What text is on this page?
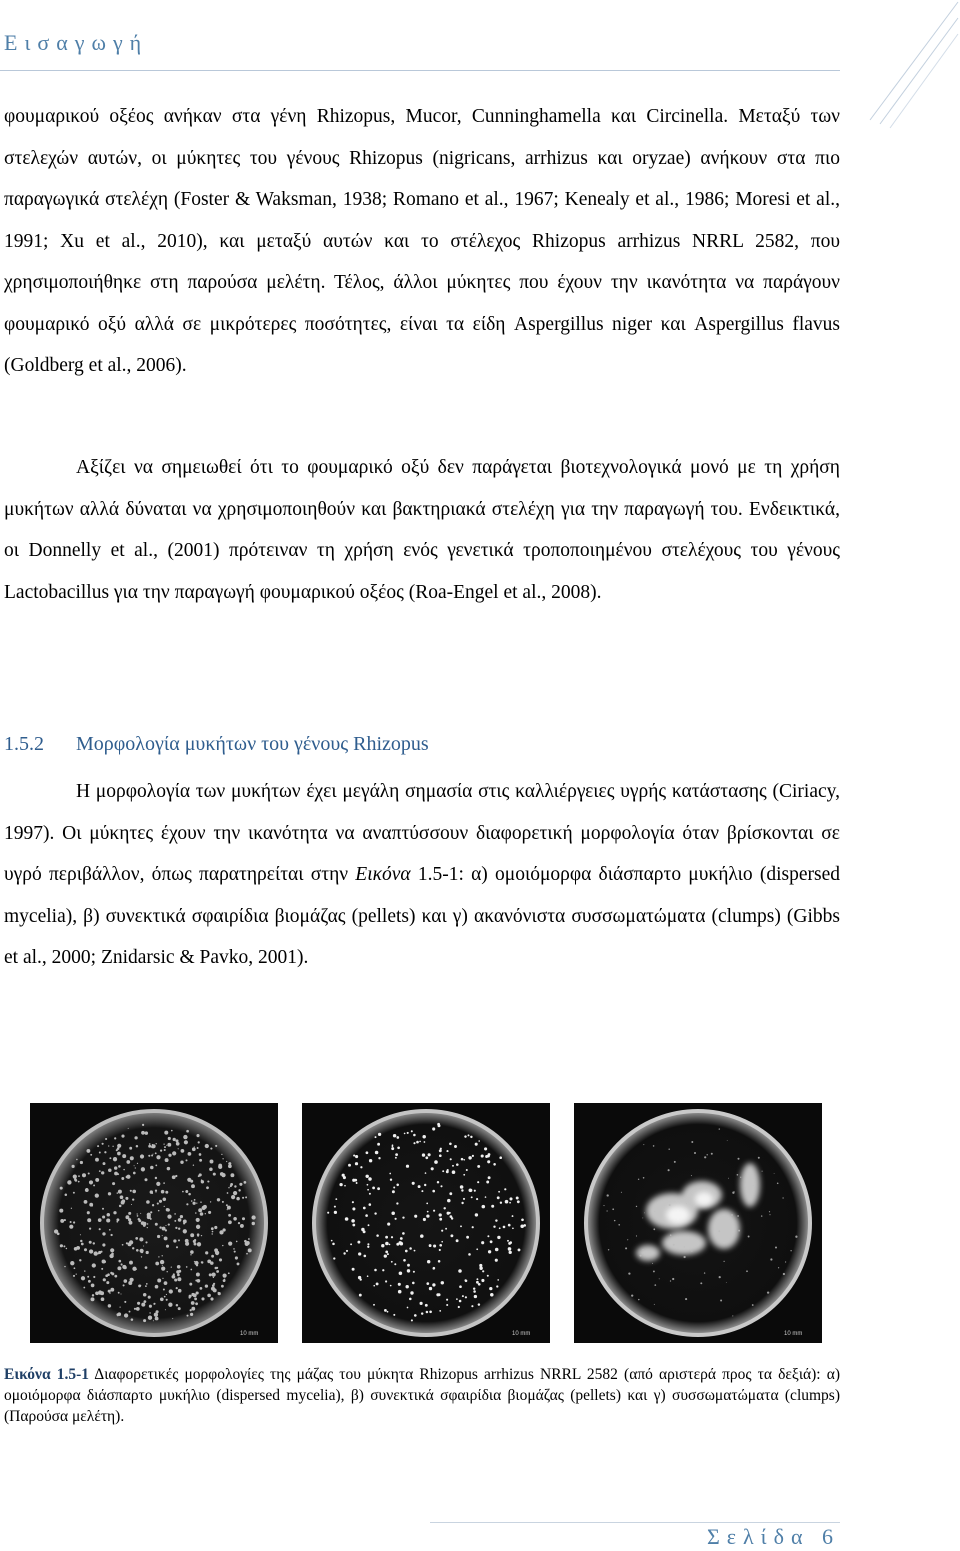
Εισαγωγή

φουμαρικού οξέος ανήκαν στα γένη Rhizopus, Mucor, Cunninghamella και Circinella. Μεταξύ των στελεχών αυτών, οι μύκητες του γένους Rhizopus (nigricans, arrhizus και oryzae) ανήκουν στα πιο παραγωγικά στελέχη (Foster & Waksman, 1938; Romano et al., 1967; Kenealy et al., 1986; Moresi et al., 1991; Xu et al., 2010), και μεταξύ αυτών και το στέλεχος Rhizopus arrhizus NRRL 2582, που χρησιμοποιήθηκε στη παρούσα μελέτη. Τέλος, άλλοι μύκητες που έχουν την ικανότητα να παράγουν φουμαρικό οξύ αλλά σε μικρότερες ποσότητες, είναι τα είδη Aspergillus niger και Aspergillus flavus (Goldberg et al., 2006).

Αξίζει να σημειωθεί ότι το φουμαρικό οξύ δεν παράγεται βιοτεχνολογικά μονό με τη χρήση μυκήτων αλλά δύναται να χρησιμοποιηθούν και βακτηριακά στελέχη για την παραγωγή του. Ενδεικτικά, οι Donnelly et al., (2001) πρότειναν τη χρήση ενός γενετικά τροποποιημένου στελέχους του γένους Lactobacillus για την παραγωγή φουμαρικού οξέος (Roa-Engel et al., 2008).

1.5.2 Μορφολογία μυκήτων του γένους Rhizopus

Η μορφολογία των μυκήτων έχει μεγάλη σημασία στις καλλιέργειες υγρής κατάστασης (Ciriacy, 1997). Οι μύκητες έχουν την ικανότητα να αναπτύσσουν διαφορετική μορφολογία όταν βρίσκονται σε υγρό περιβάλλον, όπως παρατηρείται στην Εικόνα 1.5-1: α) ομοιόμορφα διάσπαρτο μυκήλιο (dispersed mycelia), β) συνεκτικά σφαιρίδια βιομάζας (pellets) και γ) ακανόνιστα συσσωματώματα (clumps) (Gibbs et al., 2000; Znidarsic & Pavko, 2001).

10 mm	10 mm	10 mm
Εικόνα 1.5-1 Διαφορετικές μορφολογίες της μάζας του μύκητα Rhizopus arrhizus NRRL 2582 (από αριστερά προς τα δεξιά): α) ομοιόμορφα διάσπαρτο μυκήλιο (dispersed mycelia), β) συνεκτικά σφαιρίδια βιομάζας (pellets) και γ) συσσωματώματα (clumps) (Παρούσα μελέτη).
Σελίδα 6
